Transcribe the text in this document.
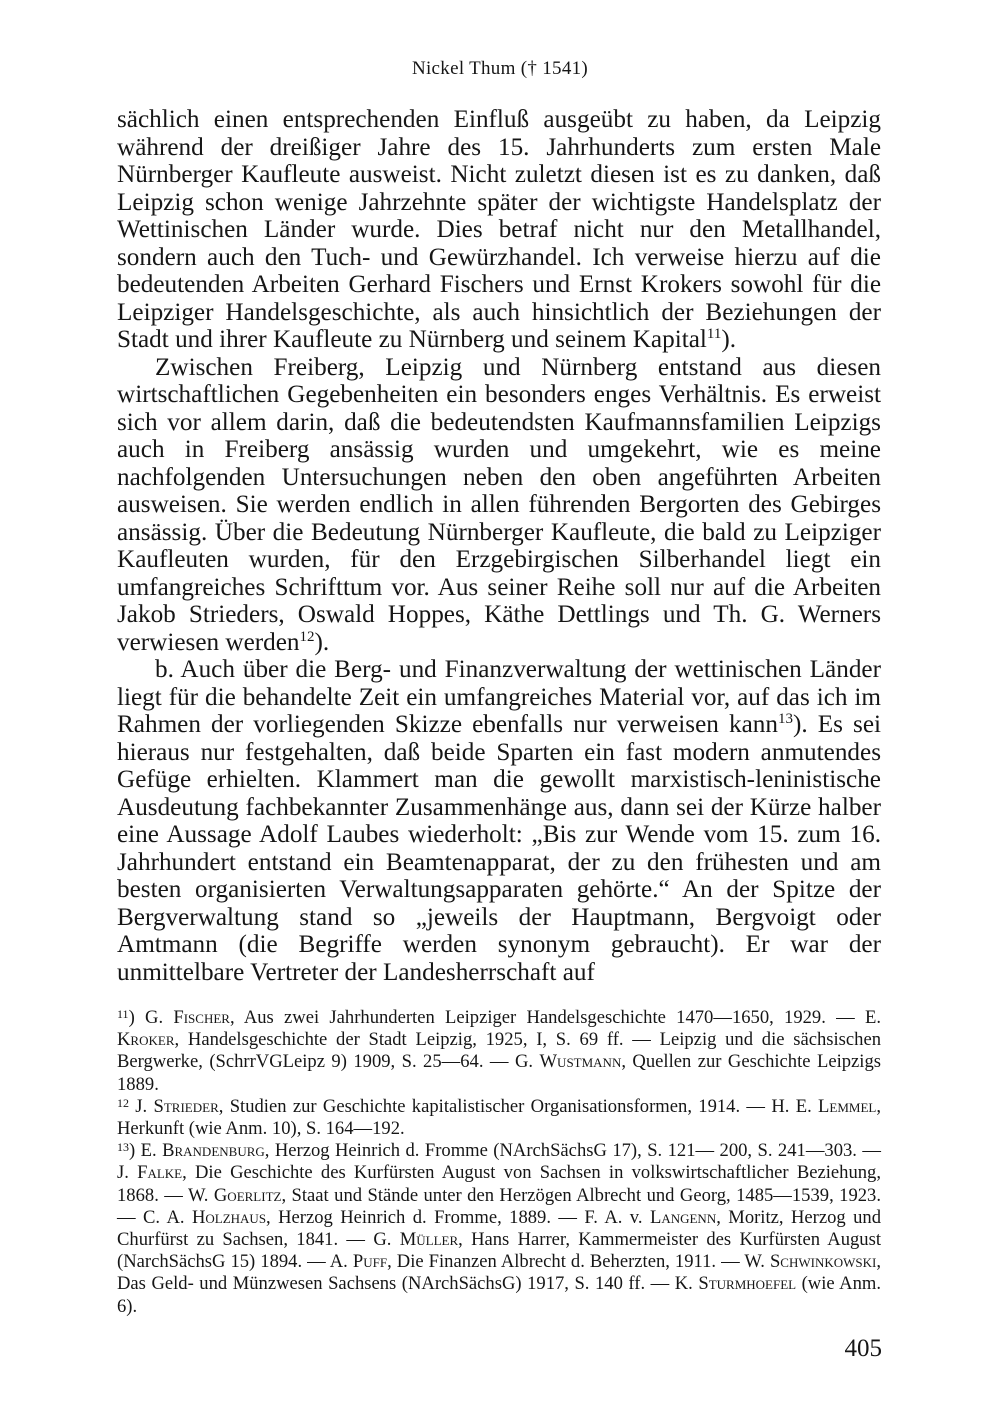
Nickel Thum († 1541)

sächlich einen entsprechenden Einfluß ausgeübt zu haben, da Leipzig während der dreißiger Jahre des 15. Jahrhunderts zum ersten Male Nürnberger Kaufleute ausweist. Nicht zuletzt diesen ist es zu danken, daß Leipzig schon wenige Jahrzehnte später der wichtigste Handelsplatz der Wettinischen Länder wurde. Dies betraf nicht nur den Metallhandel, sondern auch den Tuch- und Gewürzhandel. Ich verweise hierzu auf die bedeutenden Arbeiten Gerhard Fischers und Ernst Krokers sowohl für die Leipziger Handelsgeschichte, als auch hinsichtlich der Beziehungen der Stadt und ihrer Kaufleute zu Nürnberg und seinem Kapital$^{11}$).

Zwischen Freiberg, Leipzig und Nürnberg entstand aus diesen wirtschaftlichen Gegebenheiten ein besonders enges Verhältnis. Es erweist sich vor allem darin, daß die bedeutendsten Kaufmannsfamilien Leipzigs auch in Freiberg ansässig wurden und umgekehrt, wie es meine nachfolgenden Untersuchungen neben den oben angeführten Arbeiten ausweisen. Sie werden endlich in allen führenden Bergorten des Gebirges ansässig. Über die Bedeutung Nürnberger Kaufleute, die bald zu Leipziger Kaufleuten wurden, für den Erzgebirgischen Silberhandel liegt ein umfangreiches Schrifttum vor. Aus seiner Reihe soll nur auf die Arbeiten Jakob Strieders, Oswald Hoppes, Käthe Dettlings und Th. G. Werners verwiesen werden$^{12}$).

b. Auch über die Berg- und Finanzverwaltung der wettinischen Länder liegt für die behandelte Zeit ein umfangreiches Material vor, auf das ich im Rahmen der vorliegenden Skizze ebenfalls nur verweisen kann$^{13}$). Es sei hieraus nur festgehalten, daß beide Sparten ein fast modern anmutendes Gefüge erhielten. Klammert man die gewollt marxistisch-leninistische Ausdeutung fachbekannter Zusammenhänge aus, dann sei der Kürze halber eine Aussage Adolf Laubes wiederholt: „Bis zur Wende vom 15. zum 16. Jahrhundert entstand ein Beamtenapparat, der zu den frühesten und am besten organisierten Verwaltungsapparaten gehörte.“ An der Spitze der Bergverwaltung stand so „jeweils der Hauptmann, Bergvoigt oder Amtmann (die Begriffe werden synonym gebraucht). Er war der unmittelbare Vertreter der Landesherrschaft auf

$^{11}$) G. Fischer, Aus zwei Jahrhunderten Leipziger Handelsgeschichte 1470—1650, 1929. — E. Kroker, Handelsgeschichte der Stadt Leipzig, 1925, I, S. 69 ff. — Leipzig und die sächsischen Bergwerke, (SchrrVGLeipz 9) 1909, S. 25—64. — G. Wustmann, Quellen zur Geschichte Leipzigs 1889.

$^{12}$ J. Strieder, Studien zur Geschichte kapitalistischer Organisationsformen, 1914. — H. E. Lemmel, Herkunft (wie Anm. 10), S. 164—192.

$^{13}$) E. Brandenburg, Herzog Heinrich d. Fromme (NArchSächsG 17), S. 121— 200, S. 241—303. — J. Falke, Die Geschichte des Kurfürsten August von Sachsen in volkswirtschaftlicher Beziehung, 1868. — W. Goerlitz, Staat und Stände unter den Herzögen Albrecht und Georg, 1485—1539, 1923. — C. A. Holzhaus, Herzog Heinrich d. Fromme, 1889. — F. A. v. Langenn, Moritz, Herzog und Churfürst zu Sachsen, 1841. — G. Müller, Hans Harrer, Kammermeister des Kurfürsten August (NarchSächsG 15) 1894. — A. Puff, Die Finanzen Albrecht d. Beherzten, 1911. — W. Schwinkowski, Das Geld- und Münzwesen Sachsens (NArchSächsG) 1917, S. 140 ff. — K. Sturmhoefel (wie Anm. 6).

405
